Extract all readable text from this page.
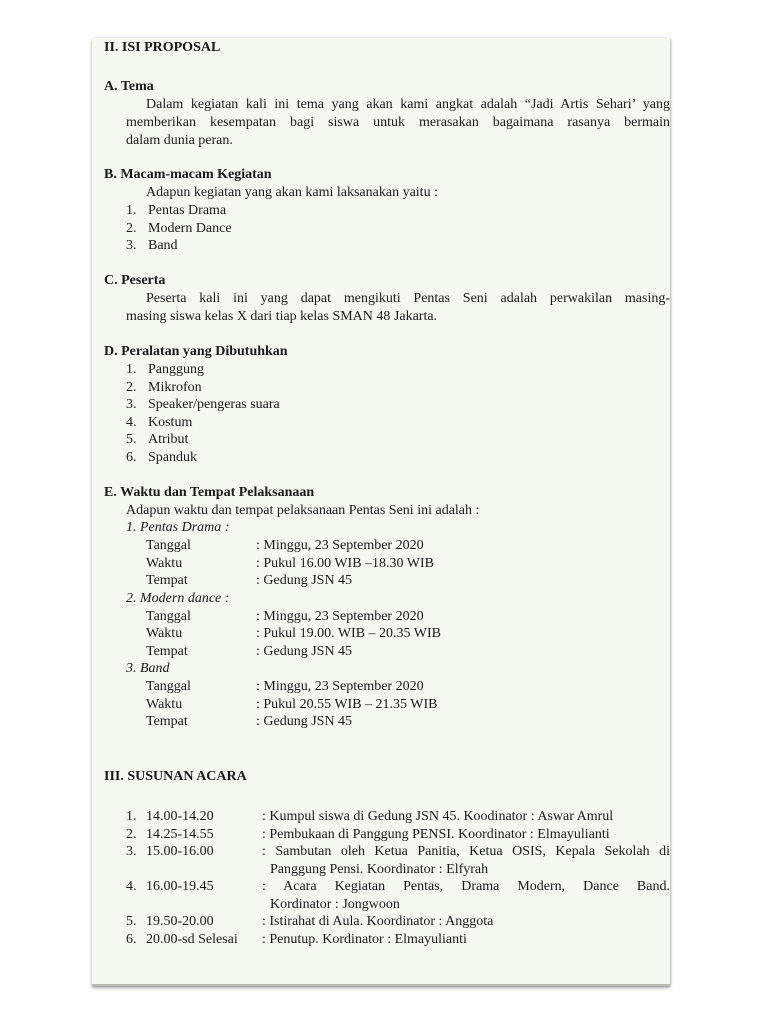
II. ISI PROPOSAL
A. Tema
Dalam kegiatan kali ini tema yang akan kami angkat adalah “Jadi Artis Sehari’ yang
memberikan kesempatan bagi siswa untuk merasakan bagaimana rasanya bermain
dalam dunia peran.
B. Macam-macam Kegiatan
Adapun kegiatan yang akan kami laksanakan yaitu :
1. Pentas Drama
2. Modern Dance
3. Band
C. Peserta
Peserta kali ini yang dapat mengikuti Pentas Seni adalah perwakilan masing-
masing siswa kelas X dari tiap kelas SMAN 48 Jakarta.
D. Peralatan yang Dibutuhkan
1. Panggung
2. Mikrofon
3. Speaker/pengeras suara
4. Kostum
5. Atribut
6. Spanduk
E. Waktu dan Tempat Pelaksanaan
Adapun waktu dan tempat pelaksanaan Pentas Seni ini adalah :
1. Pentas Drama :
Tanggal	: Minggu, 23 September 2020
Waktu	: Pukul 16.00 WIB –18.30 WIB
Tempat	: Gedung JSN 45
2. Modern dance :
Tanggal	: Minggu, 23 September 2020
Waktu	: Pukul 19.00. WIB – 20.35 WIB
Tempat	: Gedung JSN 45
3. Band
Tanggal	: Minggu, 23 September 2020
Waktu	: Pukul 20.55 WIB – 21.35 WIB
Tempat	: Gedung JSN 45
III. SUSUNAN ACARA
1. 14.00-14.20	: Kumpul siswa di Gedung JSN 45. Koodinator : Aswar Amrul
2. 14.25-14.55	: Pembukaan di Panggung PENSI. Koordinator : Elmayulianti
3. 15.00-16.00	: Sambutan oleh Ketua Panitia, Ketua OSIS, Kepala Sekolah di
Panggung Pensi. Koordinator : Elfyrah
4. 16.00-19.45	: Acara Kegiatan Pentas, Drama Modern, Dance Band.
Kordinator : Jongwoon
5. 19.50-20.00	: Istirahat di Aula. Koordinator : Anggota
6. 20.00-sd Selesai : Penutup. Kordinator : Elmayulianti
